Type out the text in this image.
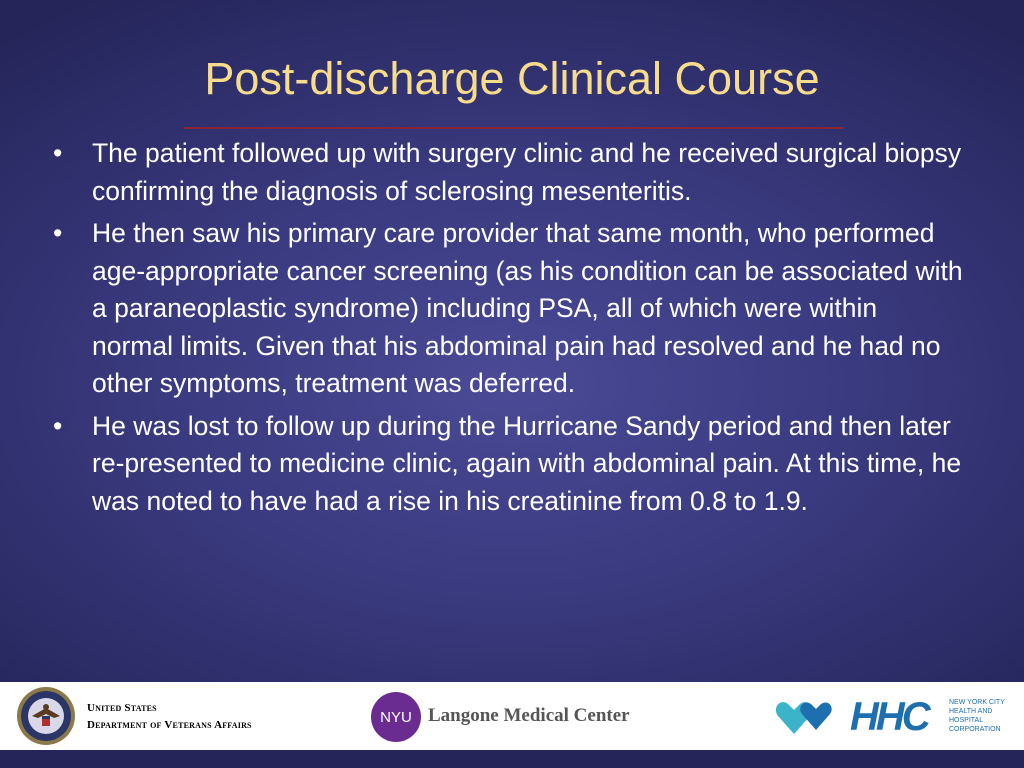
Post-discharge Clinical Course
•	The patient followed up with surgery clinic and he received surgical biopsy confirming the diagnosis of sclerosing mesenteritis.
•	He then saw his primary care provider that same month, who performed age-appropriate cancer screening (as his condition can be associated with a paraneoplastic syndrome) including PSA, all of which were within normal limits. Given that his abdominal pain had resolved and he had no other symptoms, treatment was deferred.
•	He was lost to follow up during the Hurricane Sandy period and then later re-presented to medicine clinic, again with abdominal pain. At this time, he was noted to have had a rise in his creatinine from 0.8 to 1.9.
United States
Department of Veterans Affairs	NYU Langone Medical Center	HHC	NEW YORK CITY
HEALTH AND
HOSPITAL
CORPORATION
